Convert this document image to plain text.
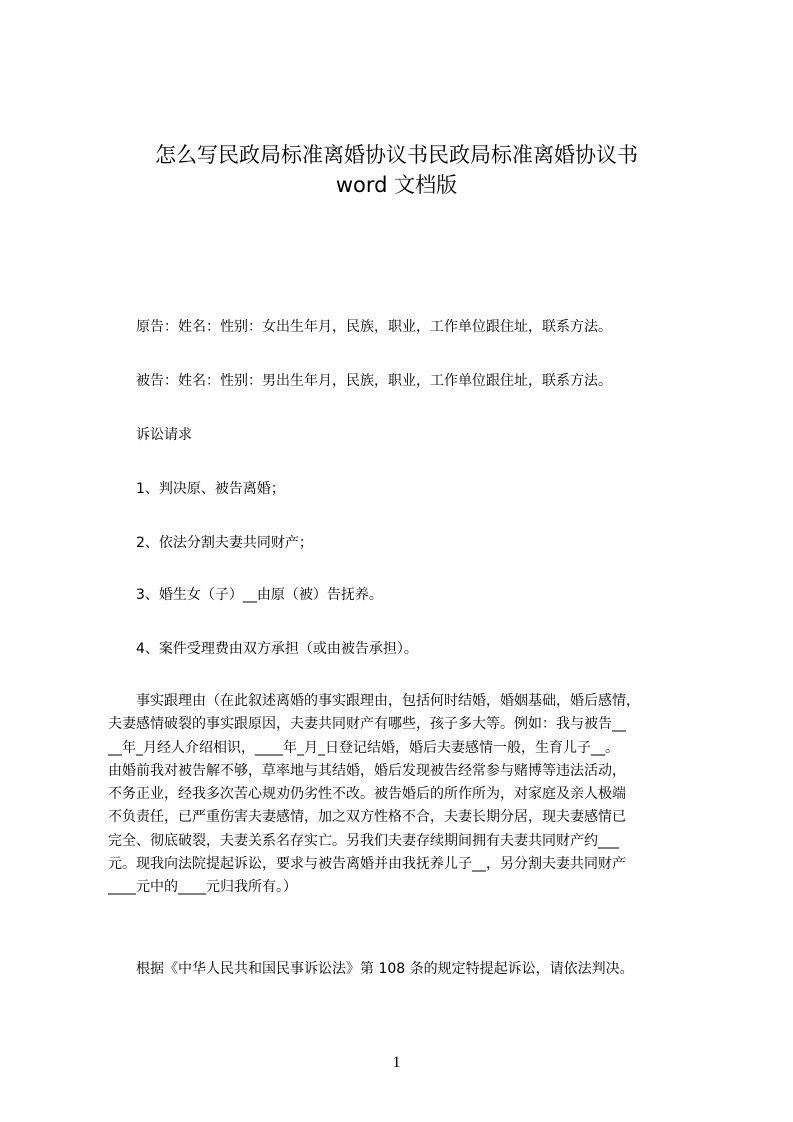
怎么写民政局标准离婚协议书民政局标准离婚协议书
word 文档版
原告：姓名：性别：女出生年月，民族，职业，工作单位跟住址，联系方法。
被告：姓名：性别：男出生年月，民族，职业，工作单位跟住址，联系方法。
诉讼请求
1、判决原、被告离婚；
2、依法分割夫妻共同财产；
3、婚生女（子）__由原（被）告抚养。
4、案件受理费由双方承担（或由被告承担）。
事实跟理由（在此叙述离婚的事实跟理由，包括何时结婚，婚姻基础，婚后感情，
夫妻感情破裂的事实跟原因，夫妻共同财产有哪些，孩子多大等。例如：我与被告__
__年_月经人介绍相识，____年_月_日登记结婚，婚后夫妻感情一般，生育儿子__。
由婚前我对被告解不够，草率地与其结婚，婚后发现被告经常参与赌博等违法活动，
不务正业，经我多次苦心规劝仍劣性不改。被告婚后的所作所为，对家庭及亲人极端
不负责任，已严重伤害夫妻感情，加之双方性格不合，夫妻长期分居，现夫妻感情已
完全、彻底破裂，夫妻关系名存实亡。另我们夫妻存续期间拥有夫妻共同财产约___
元。现我向法院提起诉讼，要求与被告离婚并由我抚养儿子__，另分割夫妻共同财产
____元中的____元归我所有。）
根据《中华人民共和国民事诉讼法》第 108 条的规定特提起诉讼，请依法判决。
1
